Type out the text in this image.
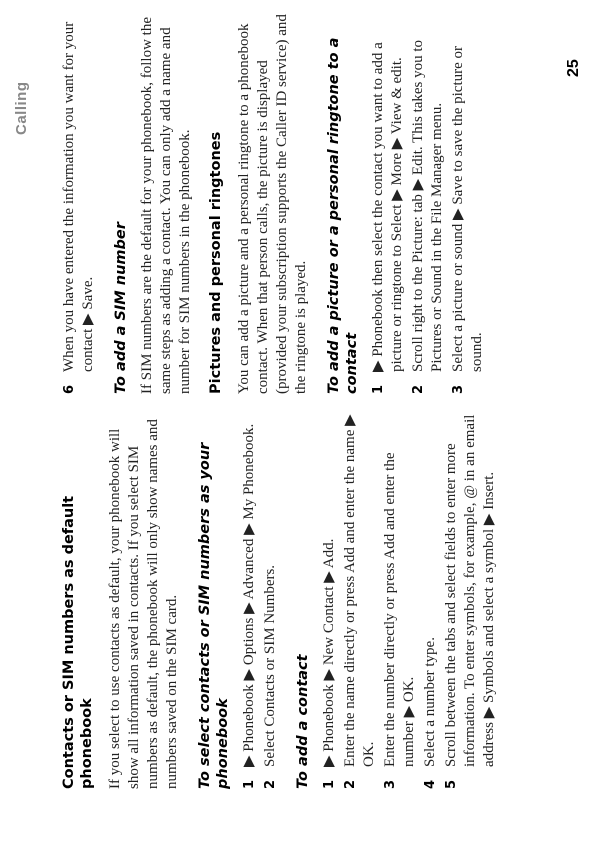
Calling
25
Contacts or SIM numbers as default phonebook If you select to use contacts as default, your phonebook will show all information saved in contacts. If you select SIM numbers as default, the phonebook will only show names and numbers saved on the SIM card. To select contacts or SIM numbers as your phonebook 1
▶ Phonebook ▶ Options ▶ Advanced ▶ My Phonebook.
2
Select Contacts or SIM Numbers. To add a contact 1
▶ Phonebook ▶ New Contact ▶ Add.
2
Enter the name directly or press Add and enter the name ▶ OK.
3
Enter the number directly or press Add and enter the number ▶ OK.
4
Select a number type.
5
Scroll between the tabs and select fields to enter more information. To enter symbols, for example, @ in an email address ▶ Symbols and select a symbol ▶ Insert.
6
When you have entered the information you want for your contact ▶ Save. To add a SIM number If SIM numbers are the default for your phonebook, follow the same steps as adding a contact. You can only add a name and number for SIM numbers in the phonebook. Pictures and personal ringtones You can add a picture and a personal ringtone to a phonebook contact. When that person calls, the picture is displayed (provided your subscription supports the Caller ID service) and the ringtone is played. To add a picture or a personal ringtone to a contact 1
▶ Phonebook then select the contact you want to add a picture or ringtone to Select ▶ More ▶ View & edit.
2
Scroll right to the Picture: tab ▶ Edit. This takes you to Pictures or Sound in the File Manager menu.
3
Select a picture or sound ▶ Save to save the picture or sound.
